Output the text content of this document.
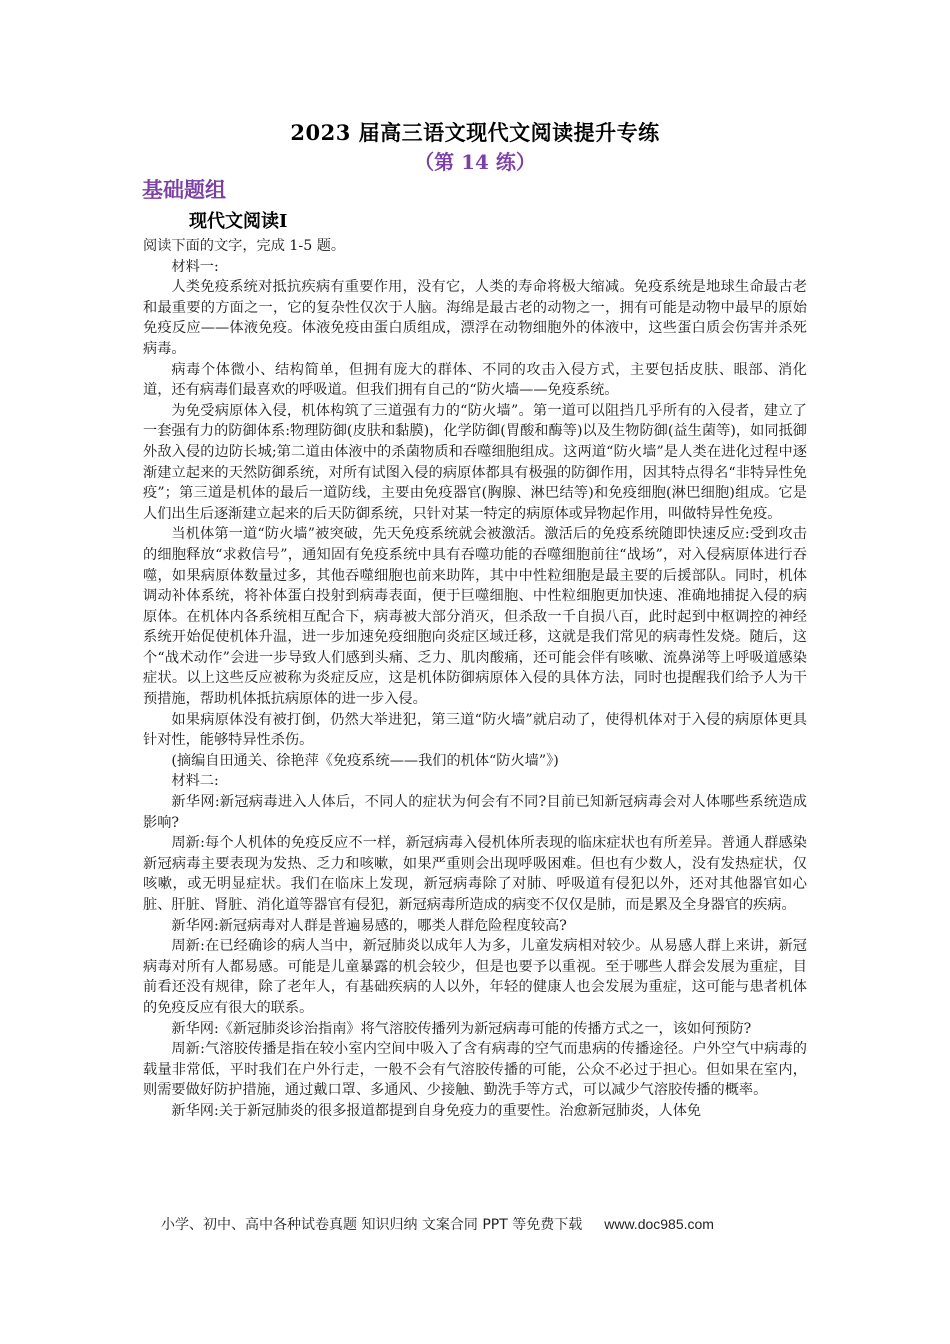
2023 届高三语文现代文阅读提升专练
（第 14 练）
基础题组
现代文阅读Ⅰ

阅读下面的文字，完成 1-5 题。

材料一:

人类免疫系统对抵抗疾病有重要作用，没有它，人类的寿命将极大缩减。免疫系统是地球生命最古老和最重要的方面之一，它的复杂性仅次于人脑。海绵是最古老的动物之一，拥有可能是动物中最早的原始免疫反应——体液免疫。体液免疫由蛋白质组成，漂浮在动物细胞外的体液中，这些蛋白质会伤害并杀死病毒。

病毒个体微小、结构简单，但拥有庞大的群体、不同的攻击入侵方式，主要包括皮肤、眼部、消化道，还有病毒们最喜欢的呼吸道。但我们拥有自己的“防火墙——免疫系统。

为免受病原体入侵，机体构筑了三道强有力的“防火墙”。第一道可以阻挡几乎所有的入侵者，建立了一套强有力的防御体系:物理防御(皮肤和黏膜)，化学防御(胃酸和酶等)以及生物防御(益生菌等)，如同抵御外敌入侵的边防长城;第二道由体液中的杀菌物质和吞噬细胞组成。这两道“防火墙”是人类在进化过程中逐渐建立起来的天然防御系统，对所有试图入侵的病原体都具有极强的防御作用，因其特点得名“非特异性免疫”；第三道是机体的最后一道防线，主要由免疫器官(胸腺、淋巴结等)和免疫细胞(淋巴细胞)组成。它是人们出生后逐渐建立起来的后天防御系统，只针对某一特定的病原体或异物起作用，叫做特异性免疫。

当机体第一道“防火墙”被突破，先天免疫系统就会被激活。激活后的免疫系统随即快速反应:受到攻击的细胞释放“求救信号”，通知固有免疫系统中具有吞噬功能的吞噬细胞前往“战场”，对入侵病原体进行吞噬，如果病原体数量过多，其他吞噬细胞也前来助阵，其中中性粒细胞是最主要的后援部队。同时，机体调动补体系统，将补体蛋白投射到病毒表面，便于巨噬细胞、中性粒细胞更加快速、准确地捕捉入侵的病原体。在机体内各系统相互配合下，病毒被大部分消灭，但杀敌一千自损八百，此时起到中枢调控的神经系统开始促使机体升温，进一步加速免疫细胞向炎症区域迁移，这就是我们常见的病毒性发烧。随后，这个“战术动作”会进一步导致人们感到头痛、乏力、肌肉酸痛，还可能会伴有咳嗽、流鼻涕等上呼吸道感染症状。以上这些反应被称为炎症反应，这是机体防御病原体入侵的具体方法，同时也提醒我们给予人为干预措施，帮助机体抵抗病原体的进一步入侵。

如果病原体没有被打倒，仍然大举进犯，第三道“防火墙”就启动了，使得机体对于入侵的病原体更具针对性，能够特异性杀伤。

(摘编自田通关、徐艳萍《免疫系统——我们的机体“防火墙”》)

材料二:

新华网:新冠病毒进入人体后，不同人的症状为何会有不同?目前已知新冠病毒会对人体哪些系统造成影响?

周新:每个人机体的免疫反应不一样，新冠病毒入侵机体所表现的临床症状也有所差异。普通人群感染新冠病毒主要表现为发热、乏力和咳嗽，如果严重则会出现呼吸困难。但也有少数人，没有发热症状，仅咳嗽，或无明显症状。我们在临床上发现，新冠病毒除了对肺、呼吸道有侵犯以外，还对其他器官如心脏、肝脏、肾脏、消化道等器官有侵犯，新冠病毒所造成的病变不仅仅是肺，而是累及全身器官的疾病。

新华网:新冠病毒对人群是普遍易感的，哪类人群危险程度较高?

周新:在已经确诊的病人当中，新冠肺炎以成年人为多，儿童发病相对较少。从易感人群上来讲，新冠病毒对所有人都易感。可能是儿童暴露的机会较少，但是也要予以重视。至于哪些人群会发展为重症，目前看还没有规律，除了老年人，有基础疾病的人以外，年轻的健康人也会发展为重症，这可能与患者机体的免疫反应有很大的联系。

新华网:《新冠肺炎诊治指南》将气溶胶传播列为新冠病毒可能的传播方式之一，该如何预防?

周新:气溶胶传播是指在较小室内空间中吸入了含有病毒的空气而患病的传播途径。户外空气中病毒的载量非常低，平时我们在户外行走，一般不会有气溶胶传播的可能，公众不必过于担心。但如果在室内，则需要做好防护措施，通过戴口罩、多通风、少接触、勤洗手等方式，可以减少气溶胶传播的概率。

新华网:关于新冠肺炎的很多报道都提到自身免疫力的重要性。治愈新冠肺炎，人体免

小学、初中、高中各种试卷真题 知识归纳 文案合同 PPT 等免费下载 www.doc985.com
